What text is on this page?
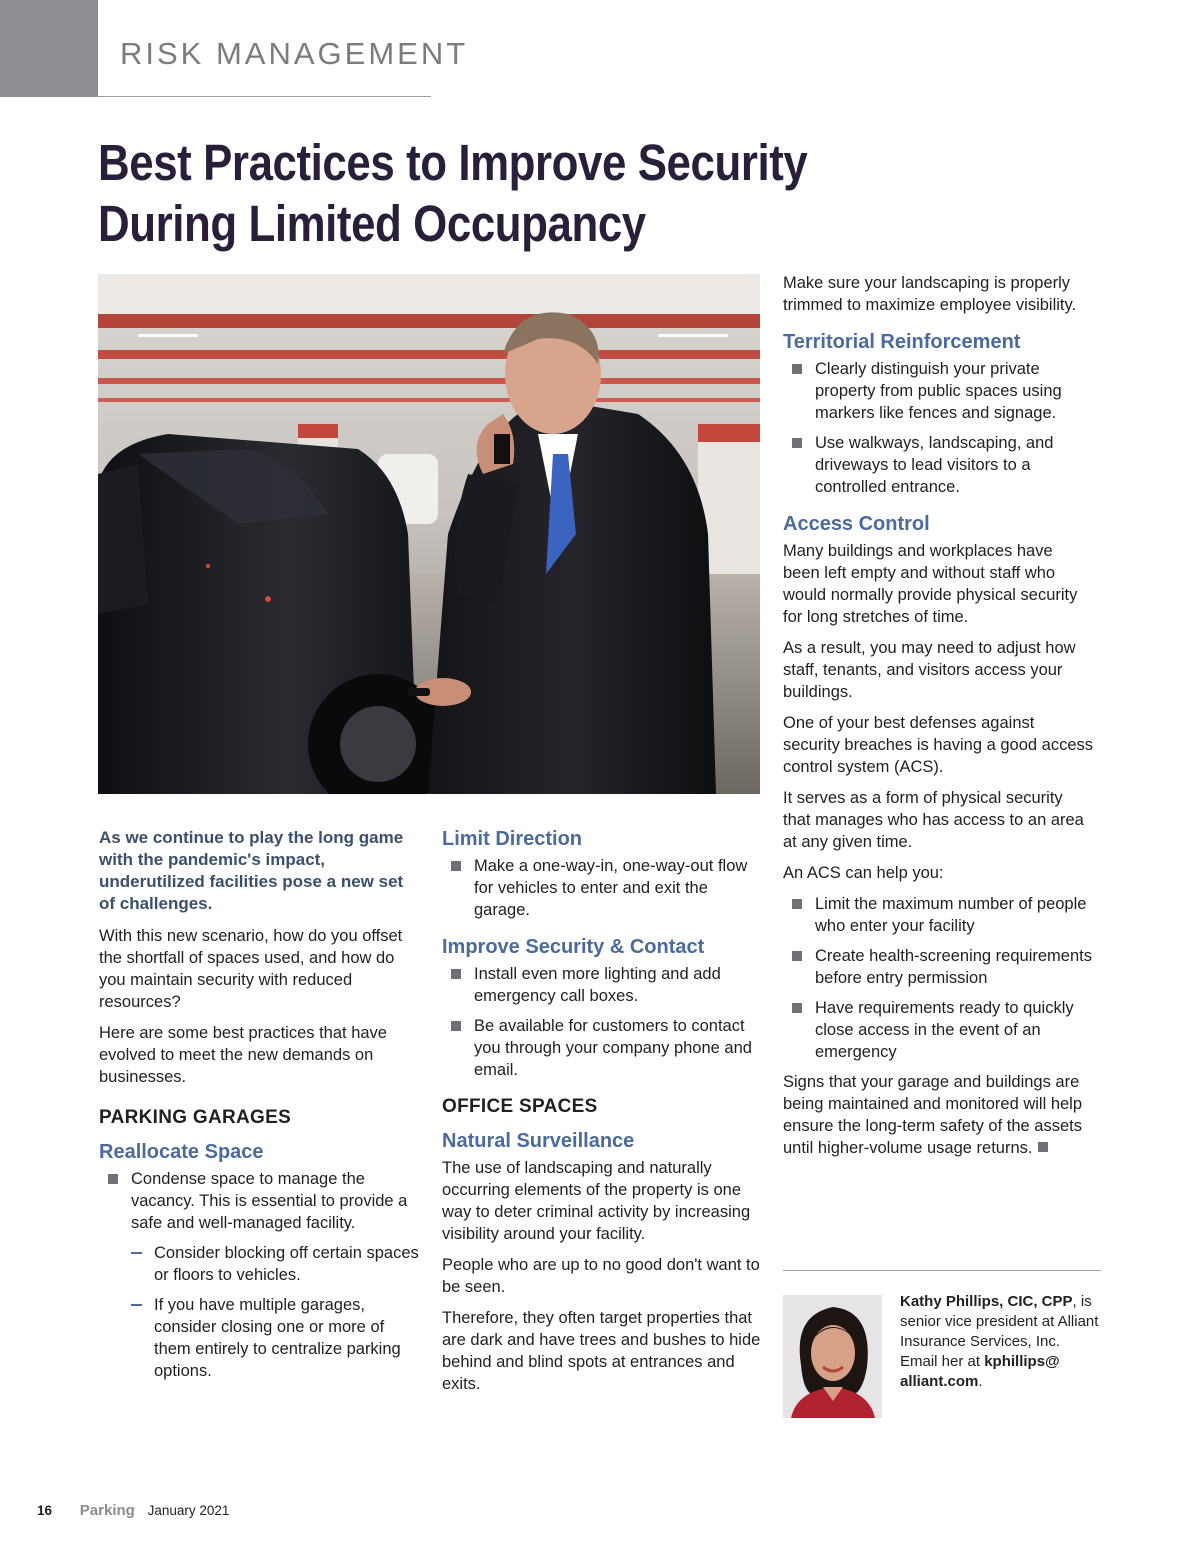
RISK MANAGEMENT
Best Practices to Improve Security
During Limited Occupancy

As we continue to play the long game with the pandemic's impact, underutilized facilities pose a new set of challenges.

With this new scenario, how do you offset the shortfall of spaces used, and how do you maintain security with reduced resources?

Here are some best practices that have evolved to meet the new demands on businesses.

PARKING GARAGES
Reallocate Space
Condense space to manage the vacancy. This is essential to provide a safe and well-managed facility.
Consider blocking off certain spaces or floors to vehicles.
If you have multiple garages, consider closing one or more of them entirely to centralize parking options.
Limit Direction
Make a one-way-in, one-way-out flow for vehicles to enter and exit the garage.
Improve Security & Contact
Install even more lighting and add emergency call boxes.
Be available for customers to contact you through your company phone and email.
OFFICE SPACES
Natural Surveillance

The use of landscaping and naturally occurring elements of the property is one way to deter criminal activity by increasing visibility around your facility.

People who are up to no good don't want to be seen.

Therefore, they often target properties that are dark and have trees and bushes to hide behind and blind spots at entrances and exits.

Make sure your landscaping is properly trimmed to maximize employee visibility.

Territorial Reinforcement
Clearly distinguish your private property from public spaces using markers like fences and signage.
Use walkways, landscaping, and driveways to lead visitors to a controlled entrance.
Access Control

Many buildings and workplaces have been left empty and without staff who would normally provide physical security for long stretches of time.

As a result, you may need to adjust how staff, tenants, and visitors access your buildings.

One of your best defenses against security breaches is having a good access control system (ACS).

It serves as a form of physical security that manages who has access to an area at any given time.

An ACS can help you:

Limit the maximum number of people who enter your facility
Create health-screening requirements before entry permission
Have requirements ready to quickly close access in the event of an emergency

Signs that your garage and buildings are being maintained and monitored will help ensure the long-term safety of the assets until higher-volume usage returns.

Kathy Phillips, CIC, CPP, is senior vice president at Alliant Insurance Services, Inc. Email her at kphillips@ alliant.com.

16 Parking January 2021
